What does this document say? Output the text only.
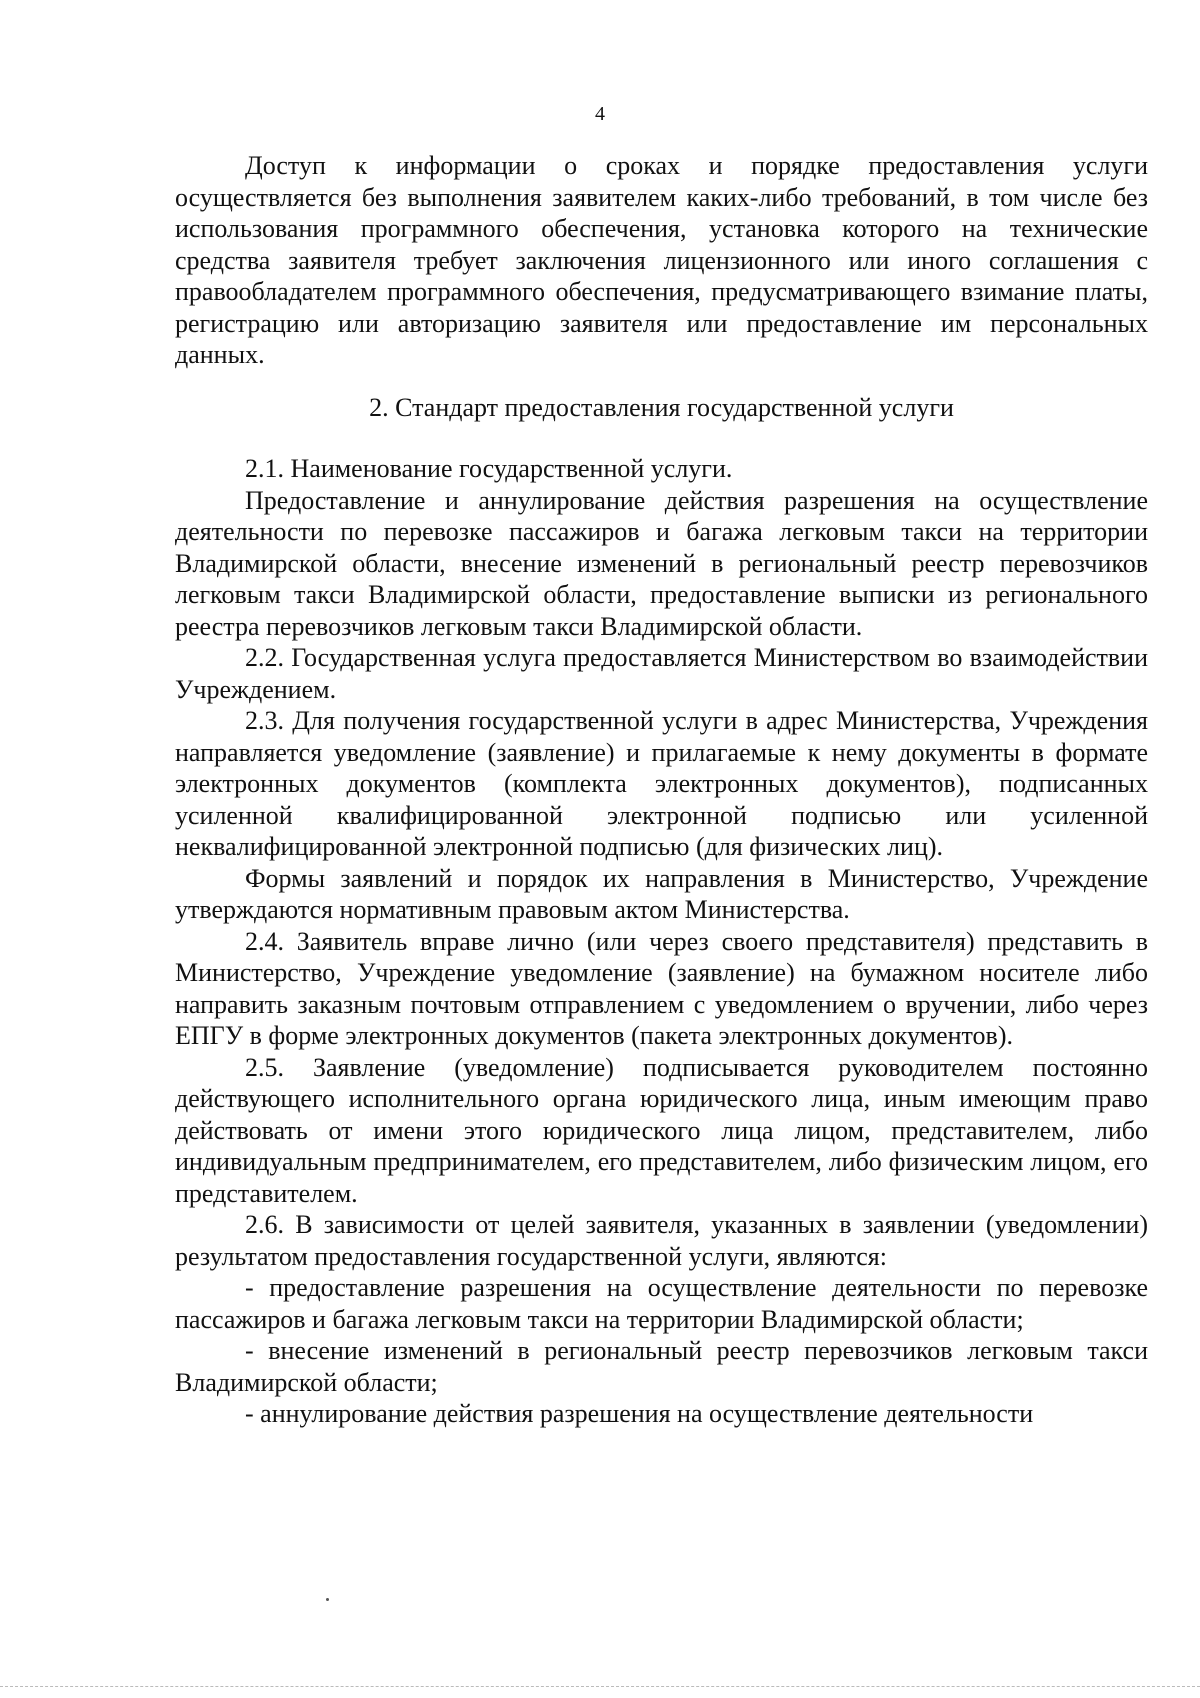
4

Доступ к информации о сроках и порядке предоставления услуги осуществляется без выполнения заявителем каких-либо требований, в том числе без использования программного обеспечения, установка которого на технические средства заявителя требует заключения лицензионного или иного соглашения с правообладателем программного обеспечения, предусматривающего взимание платы, регистрацию или авторизацию заявителя или предоставление им персональных данных.

2. Стандарт предоставления государственной услуги

2.1. Наименование государственной услуги.

Предоставление и аннулирование действия разрешения на осуществление деятельности по перевозке пассажиров и багажа легковым такси на территории Владимирской области, внесение изменений в региональный реестр перевозчиков легковым такси Владимирской области, предоставление выписки из регионального реестра перевозчиков легковым такси Владимирской области.

2.2. Государственная услуга предоставляется Министерством во взаимодействии Учреждением.

2.3. Для получения государственной услуги в адрес Министерства, Учреждения направляется уведомление (заявление) и прилагаемые к нему документы в формате электронных документов (комплекта электронных документов), подписанных усиленной квалифицированной электронной подписью или усиленной неквалифицированной электронной подписью (для физических лиц).

Формы заявлений и порядок их направления в Министерство, Учреждение утверждаются нормативным правовым актом Министерства.

2.4. Заявитель вправе лично (или через своего представителя) представить в Министерство, Учреждение уведомление (заявление) на бумажном носителе либо направить заказным почтовым отправлением с уведомлением о вручении, либо через ЕПГУ в форме электронных документов (пакета электронных документов).

2.5. Заявление (уведомление) подписывается руководителем постоянно действующего исполнительного органа юридического лица, иным имеющим право действовать от имени этого юридического лица лицом, представителем, либо индивидуальным предпринимателем, его представителем, либо физическим лицом, его представителем.

2.6. В зависимости от целей заявителя, указанных в заявлении (уведомлении) результатом предоставления государственной услуги, являются:

- предоставление разрешения на осуществление деятельности по перевозке пассажиров и багажа легковым такси на территории Владимирской области;

- внесение изменений в региональный реестр перевозчиков легковым такси Владимирской области;

- аннулирование действия разрешения на осуществление деятельности
